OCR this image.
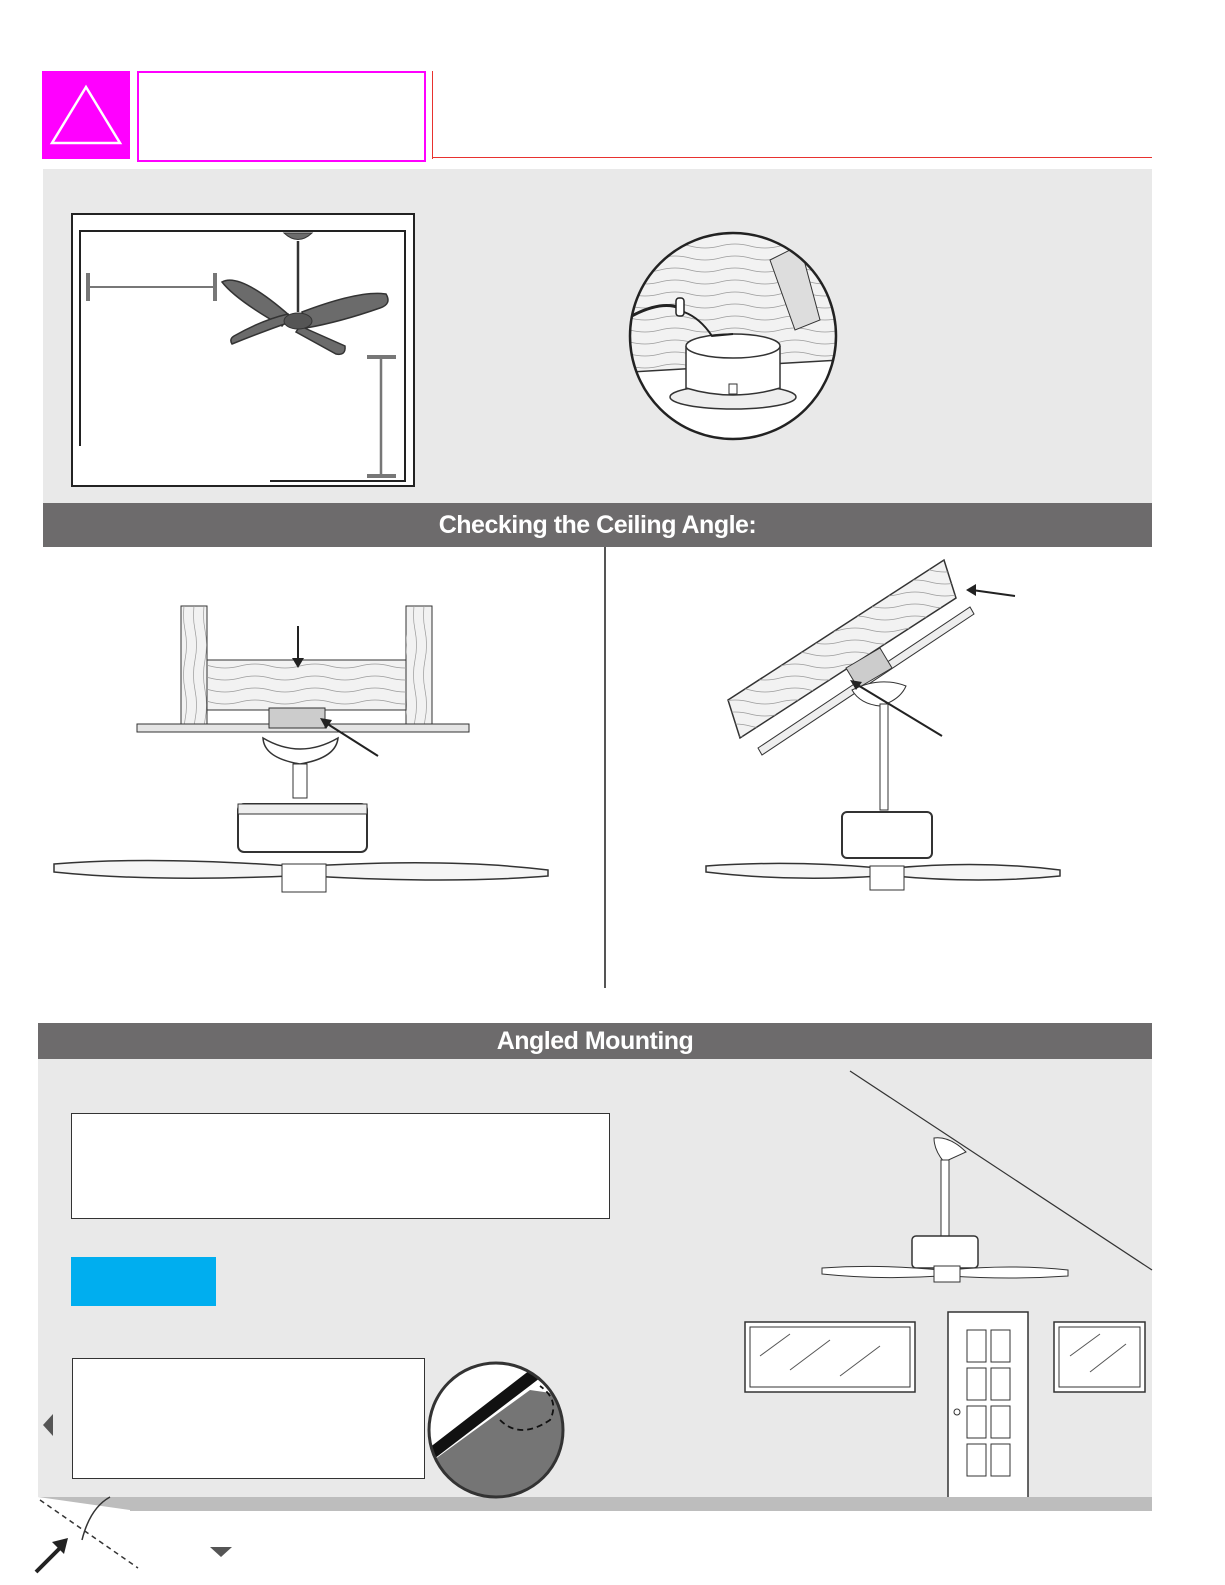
Checking the Ceiling Angle:
Angled Mounting
